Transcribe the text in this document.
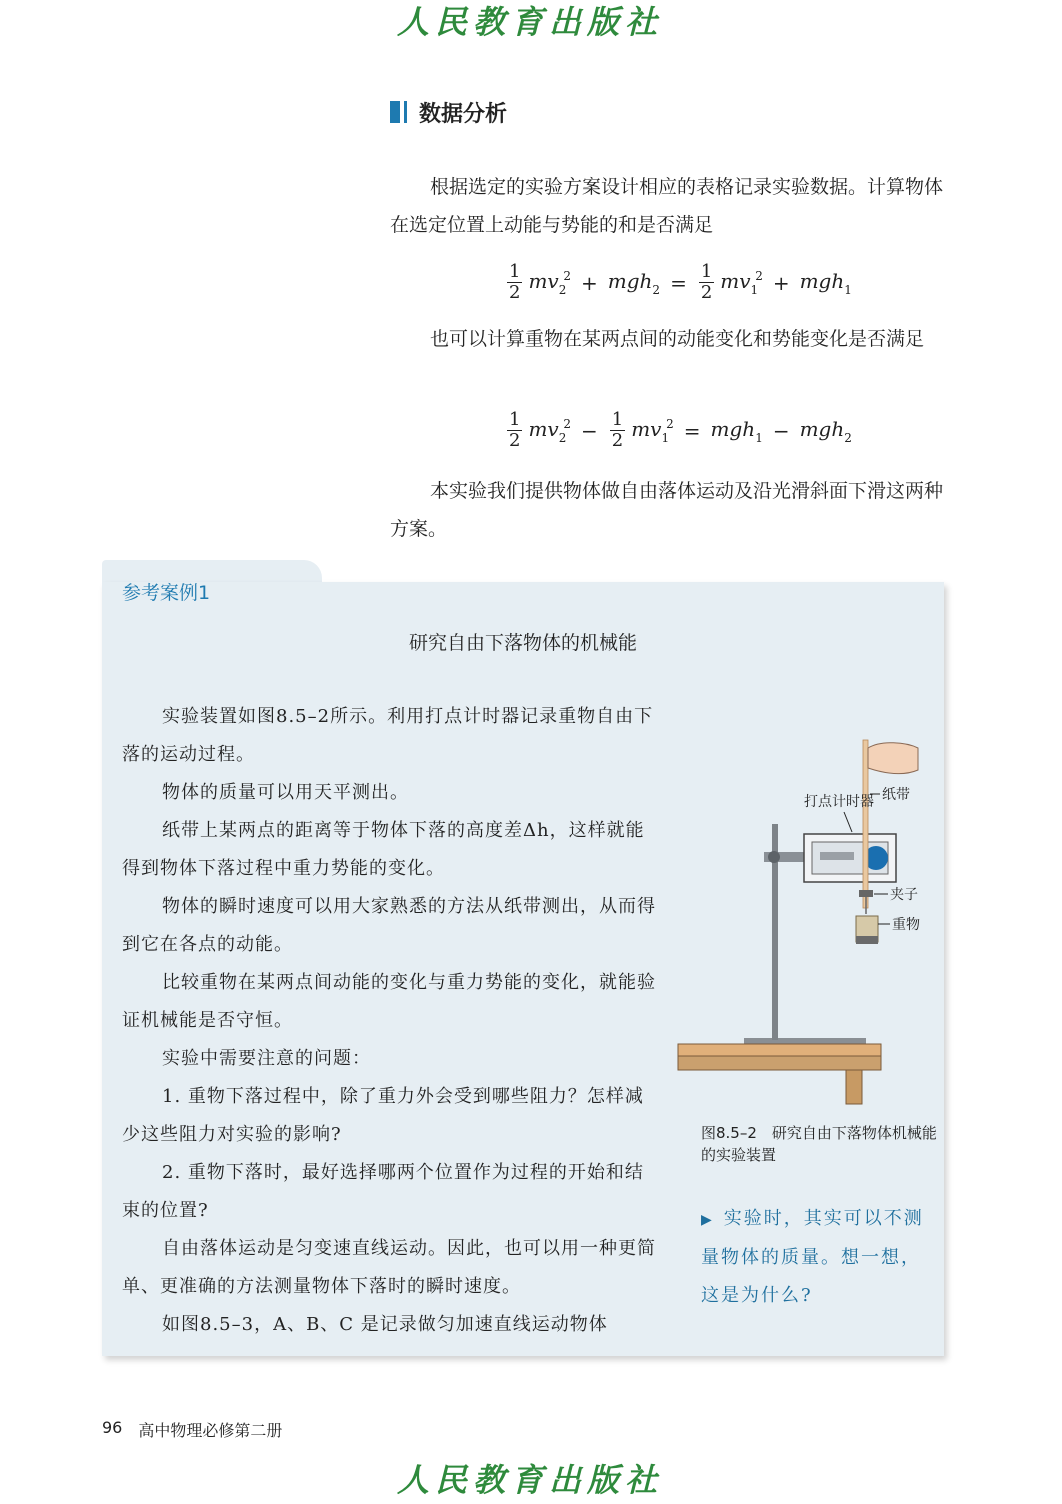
人民教育出版社
数据分析

根据选定的实验方案设计相应的表格记录实验数据。计算物体在选定位置上动能与势能的和是否满足

$\frac{1}{2} mv_2^2 + mgh_2 = \frac{1}{2} mv_1^2 + mgh_1$

也可以计算重物在某两点间的动能变化和势能变化是否满足

$\frac{1}{2} mv_2^2 - \frac{1}{2} mv_1^2 = mgh_1 - mgh_2$

本实验我们提供物体做自由落体运动及沿光滑斜面下滑这两种方案。

参考案例1
研究自由下落物体的机械能

实验装置如图8.5–2所示。利用打点计时器记录重物自由下落的运动过程。

物体的质量可以用天平测出。

纸带上某两点的距离等于物体下落的高度差Δh，这样就能得到物体下落过程中重力势能的变化。

物体的瞬时速度可以用大家熟悉的方法从纸带测出，从而得到它在各点的动能。

比较重物在某两点间动能的变化与重力势能的变化，就能验证机械能是否守恒。

实验中需要注意的问题：

1. 重物下落过程中，除了重力外会受到哪些阻力？怎样减少这些阻力对实验的影响?

2. 重物下落时，最好选择哪两个位置作为过程的开始和结束的位置?

自由落体运动是匀变速直线运动。因此，也可以用一种更简单、更准确的方法测量物体下落时的瞬时速度。

如图8.5–3，A、B、C 是记录做匀加速直线运动物体

打点计时器 纸带
夹子
重物
图8.5–2　研究自由下落物体机械能的实验装置
▶ 实验时，其实可以不测量物体的质量。想一想，这是为什么?
96 高中物理必修第二册
人民教育出版社
